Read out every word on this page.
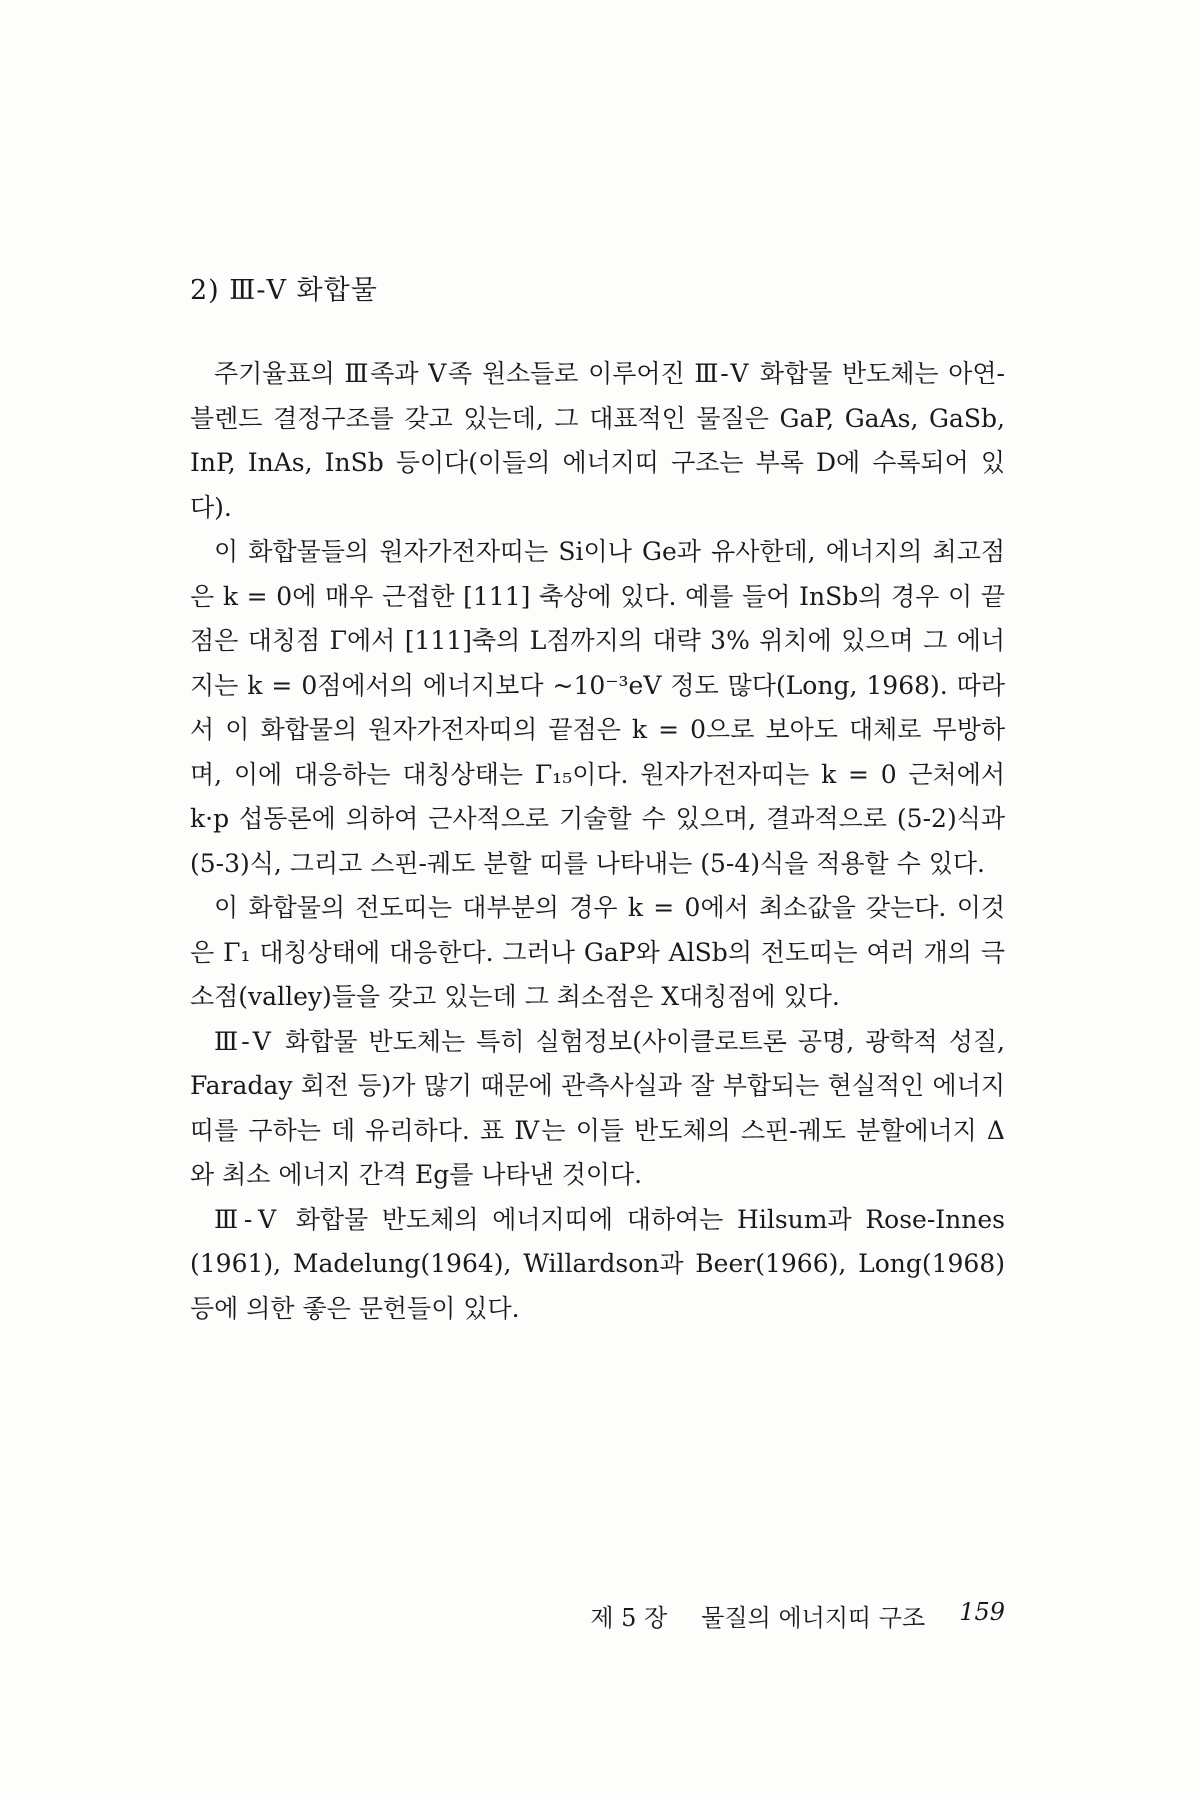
2) Ⅲ-Ⅴ 화합물

주기율표의 Ⅲ족과 Ⅴ족 원소들로 이루어진 Ⅲ-Ⅴ 화합물 반도체는 아연-블렌드 결정구조를 갖고 있는데, 그 대표적인 물질은 GaP, GaAs, GaSb, InP, InAs, InSb 등이다(이들의 에너지띠 구조는 부록 D에 수록되어 있다).

이 화합물들의 원자가전자띠는 Si이나 Ge과 유사한데, 에너지의 최고점은 k = 0에 매우 근접한 [111] 축상에 있다. 예를 들어 InSb의 경우 이 끝점은 대칭점 Γ에서 [111]축의 L점까지의 대략 3% 위치에 있으며 그 에너지는 k = 0점에서의 에너지보다 ~10⁻³eV 정도 많다(Long, 1968). 따라서 이 화합물의 원자가전자띠의 끝점은 k = 0으로 보아도 대체로 무방하며, 이에 대응하는 대칭상태는 Γ₁₅이다. 원자가전자띠는 k = 0 근처에서 k·p 섭동론에 의하여 근사적으로 기술할 수 있으며, 결과적으로 (5-2)식과 (5-3)식, 그리고 스핀-궤도 분할 띠를 나타내는 (5-4)식을 적용할 수 있다.

이 화합물의 전도띠는 대부분의 경우 k = 0에서 최소값을 갖는다. 이것은 Γ₁ 대칭상태에 대응한다. 그러나 GaP와 AlSb의 전도띠는 여러 개의 극소점(valley)들을 갖고 있는데 그 최소점은 X대칭점에 있다.

Ⅲ-Ⅴ 화합물 반도체는 특히 실험정보(사이클로트론 공명, 광학적 성질, Faraday 회전 등)가 많기 때문에 관측사실과 잘 부합되는 현실적인 에너지띠를 구하는 데 유리하다. 표 Ⅳ는 이들 반도체의 스핀-궤도 분할에너지 Δ와 최소 에너지 간격 Eg를 나타낸 것이다.

Ⅲ-Ⅴ 화합물 반도체의 에너지띠에 대하여는 Hilsum과 Rose-Innes (1961), Madelung(1964), Willardson과 Beer(1966), Long(1968)등에 의한 좋은 문헌들이 있다.

제 5 장 물질의 에너지띠 구조 159
